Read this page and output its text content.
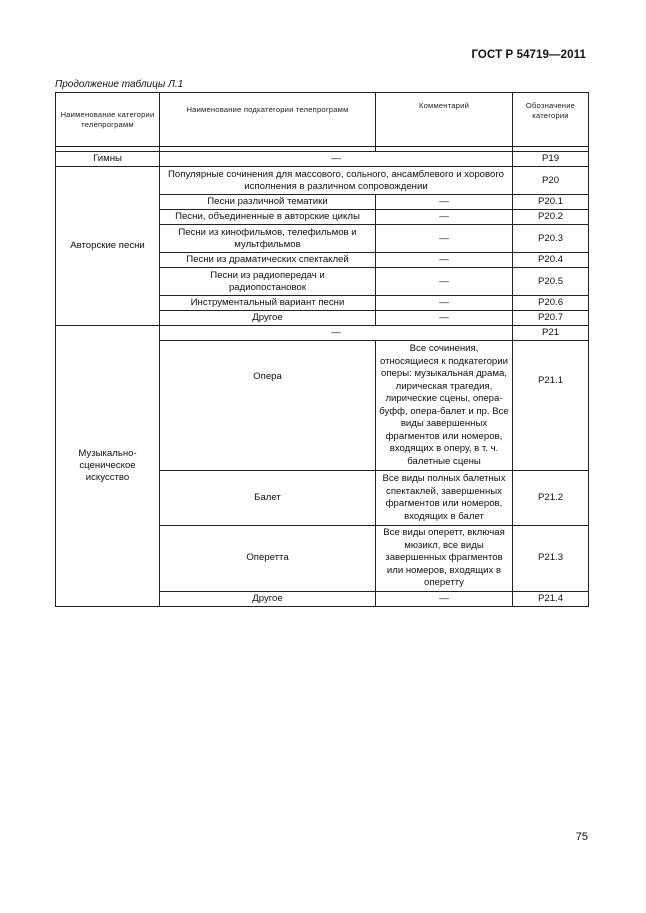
ГОСТ Р 54719—2011
Продолжение таблицы Л.1
Наименование категории телепрограмм	Наименование подкатегории телепрограмм	Комментарий	Обозначение категории

Гимны	—		Р19
Авторские песни	Популярные сочинения для массового, сольного, ансамблевого и хорового исполнения в различном сопровождении		Р20
	Песни различной тематики	—	Р20.1
	Песни, объединенные в авторские циклы	—	Р20.2
	Песни из кинофильмов, телефильмов и мультфильмов	—	Р20.3
	Песни из драматических спектаклей	—	Р20.4
	Песни из радиопередач и радиопостановок	—	Р20.5
	Инструментальный вариант песни	—	Р20.6
	Другое	—	Р20.7
Музыкально-сценическое искусство	—		Р21
	Опера	Все сочинения, относящиеся к подкатегории оперы: музыкальная драма, лирическая трагедия, лирические сцены, опера-буфф, опера-балет и пр. Все виды завершенных фрагментов или номеров, входящих в оперу, в т. ч. балетные сцены	Р21.1
	Балет	Все виды полных балетных спектаклей, завершенных фрагментов или номеров, входящих в балет	Р21.2
	Оперетта	Все виды оперетт, включая мюзикл, все виды завершенных фрагментов или номеров, входящих в оперетту	Р21.3
	Другое	—	Р21.4
75
